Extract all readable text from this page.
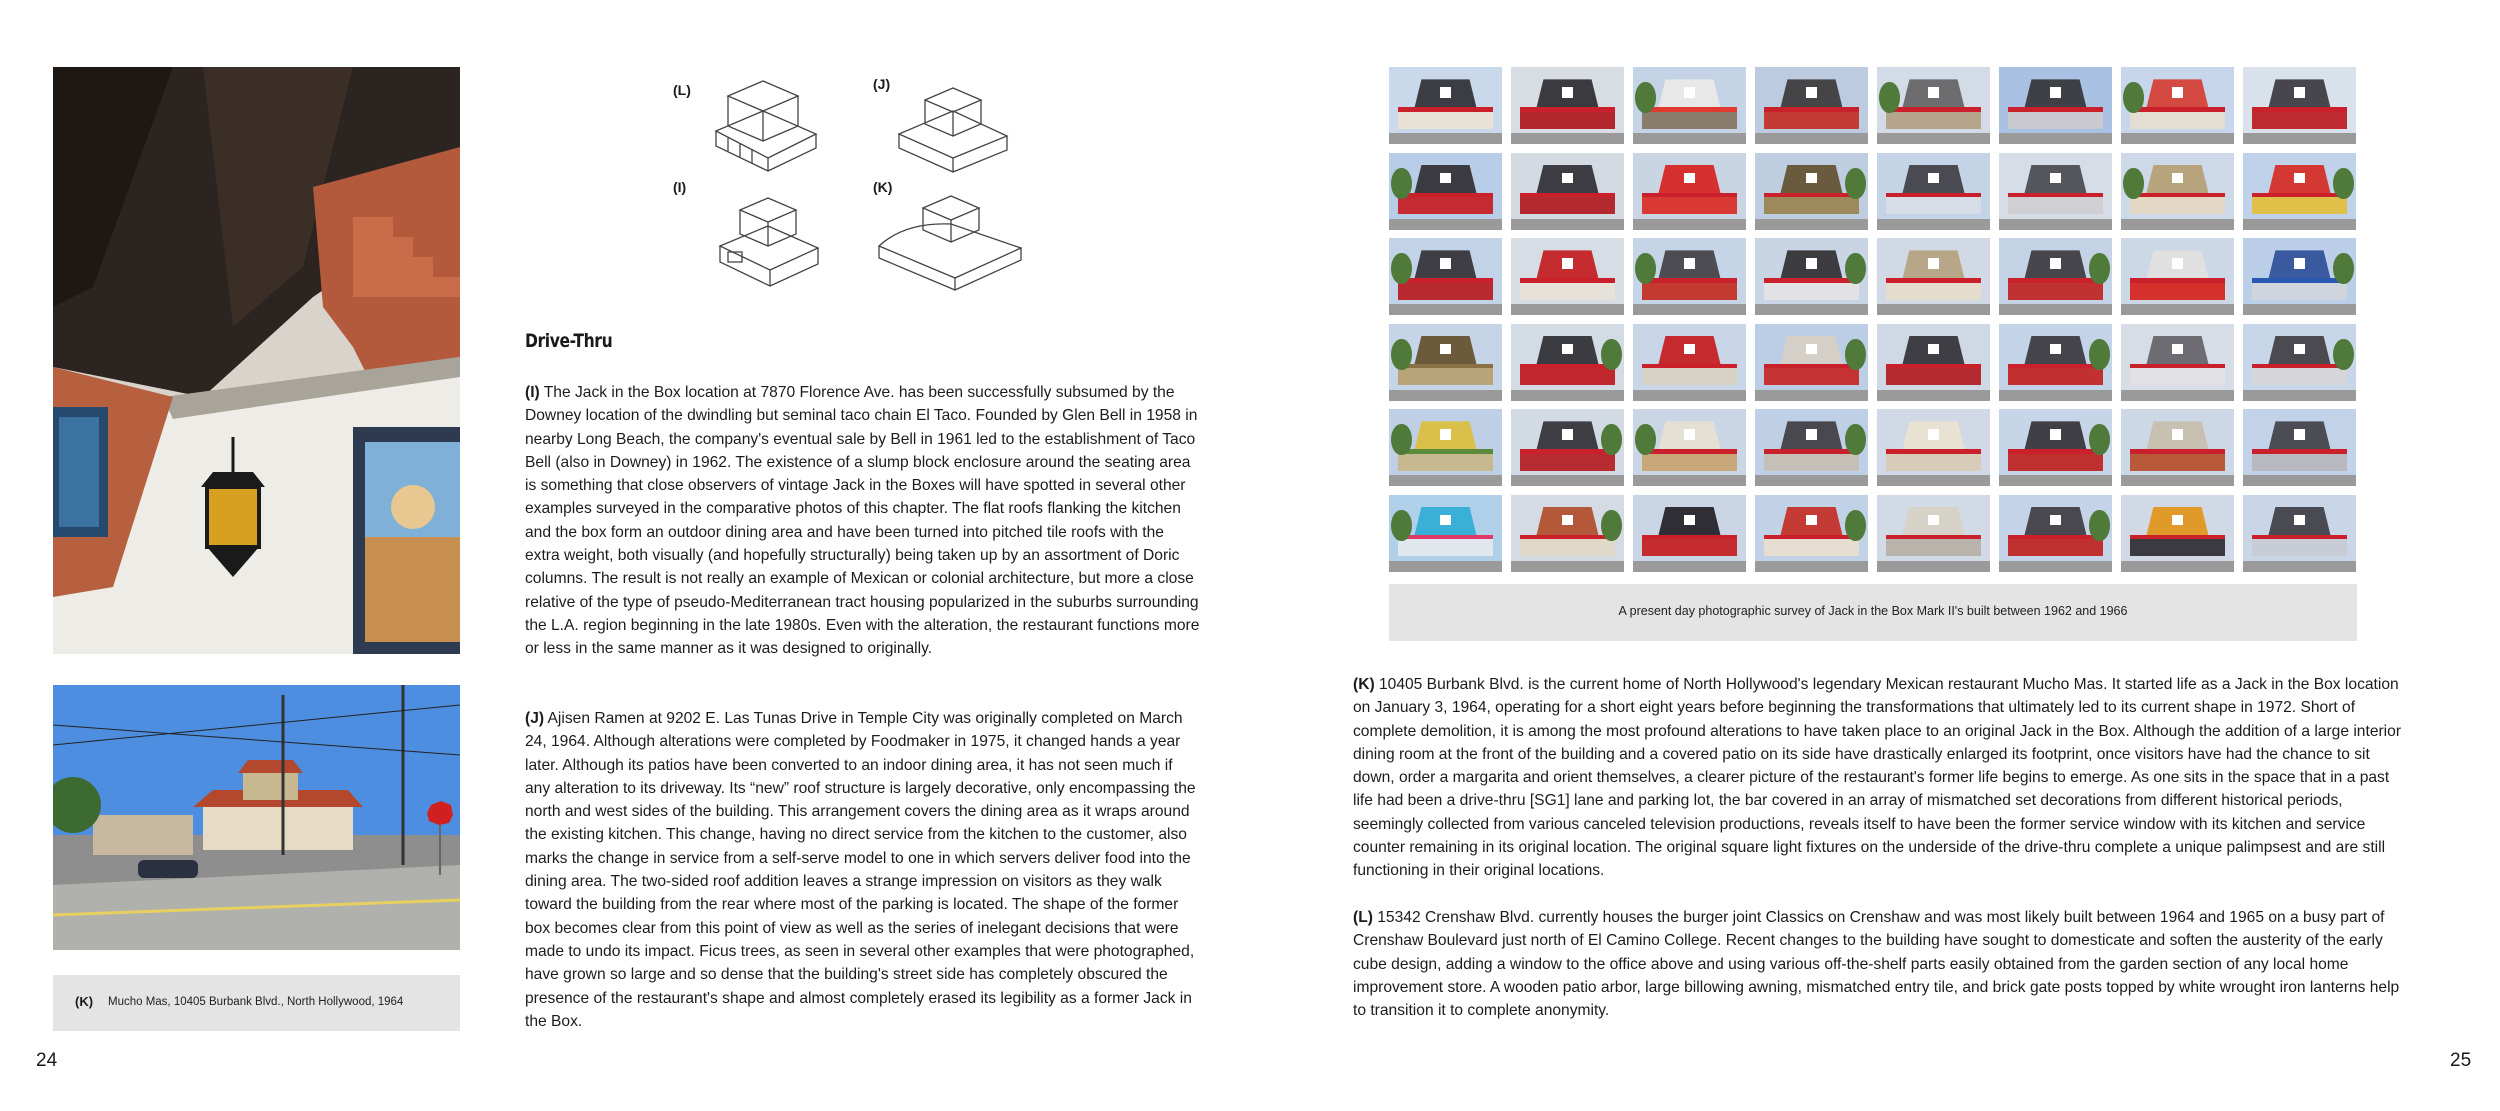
(K) Mucho Mas, 10405 Burbank Blvd., North Hollywood, 1964
(L)	(J)
(I)	(K)
Drive-Thru

(I) The Jack in the Box location at 7870 Florence Ave. has been successfully subsumed by the Downey location of the dwindling but seminal taco chain El Taco. Founded by Glen Bell in 1958 in nearby Long Beach, the company's eventual sale by Bell in 1961 led to the establishment of Taco Bell (also in Downey) in 1962. The existence of a slump block enclosure around the seating area is something that close observers of vintage Jack in the Boxes will have spotted in several other examples surveyed in the comparative photos of this chapter. The flat roofs flanking the kitchen and the box form an outdoor dining area and have been turned into pitched tile roofs with the extra weight, both visually (and hopefully structurally) being taken up by an assortment of Doric columns. The result is not really an example of Mexican or colonial architecture, but more a close relative of the type of pseudo-Mediterranean tract housing popularized in the suburbs surrounding the L.A. region beginning in the late 1980s. Even with the alteration, the restaurant functions more or less in the same manner as it was designed to originally.

(J) Ajisen Ramen at 9202 E. Las Tunas Drive in Temple City was originally completed on March 24, 1964. Although alterations were completed by Foodmaker in 1975, it changed hands a year later. Although its patios have been converted to an indoor dining area, it has not seen much if any alteration to its driveway. Its “new” roof structure is largely decorative, only encompassing the north and west sides of the building. This arrangement covers the dining area as it wraps around the existing kitchen. This change, having no direct service from the kitchen to the customer, also marks the change in service from a self-serve model to one in which servers deliver food into the dining area. The two-sided roof addition leaves a strange impression on visitors as they walk toward the building from the rear where most of the parking is located. The shape of the former box becomes clear from this point of view as well as the series of inelegant decisions that were made to undo its impact. Ficus trees, as seen in several other examples that were photographed, have grown so large and so dense that the building's street side has completely obscured the presence of the restaurant's shape and almost completely erased its legibility as a former Jack in the Box.

(K) 10405 Burbank Blvd. is the current home of North Hollywood's legendary Mexican restaurant Mucho Mas. It started life as a Jack in the Box location on January 3, 1964, operating for a short eight years before beginning the transformations that ultimately led to its current shape in 1972. Short of complete demolition, it is among the most profound alterations to have taken place to an original Jack in the Box. Although the addition of a large interior dining room at the front of the building and a covered patio on its side have drastically enlarged its footprint, once visitors have had the chance to sit down, order a margarita and orient themselves, a clearer picture of the restaurant's former life begins to emerge. As one sits in the space that in a past life had been a drive-thru [SG1] lane and parking lot, the bar covered in an array of mismatched set decorations from different historical periods, seemingly collected from various canceled television productions, reveals itself to have been the former service window with its kitchen and service counter remaining in its original location. The original square light fixtures on the underside of the drive-thru complete a unique palimpsest and are still functioning in their original locations.

(L) 15342 Crenshaw Blvd. currently houses the burger joint Classics on Crenshaw and was most likely built between 1964 and 1965 on a busy part of Crenshaw Boulevard just north of El Camino College. Recent changes to the building have sought to domesticate and soften the austerity of the early cube design, adding a window to the office above and using various off-the-shelf parts easily obtained from the garden section of any local home improvement store. A wooden patio arbor, large billowing awning, mismatched entry tile, and brick gate posts topped by white wrought iron lanterns help to transition it to complete anonymity.

24	25
A present day photographic survey of Jack in the Box Mark II's built between 1962 and 1966
